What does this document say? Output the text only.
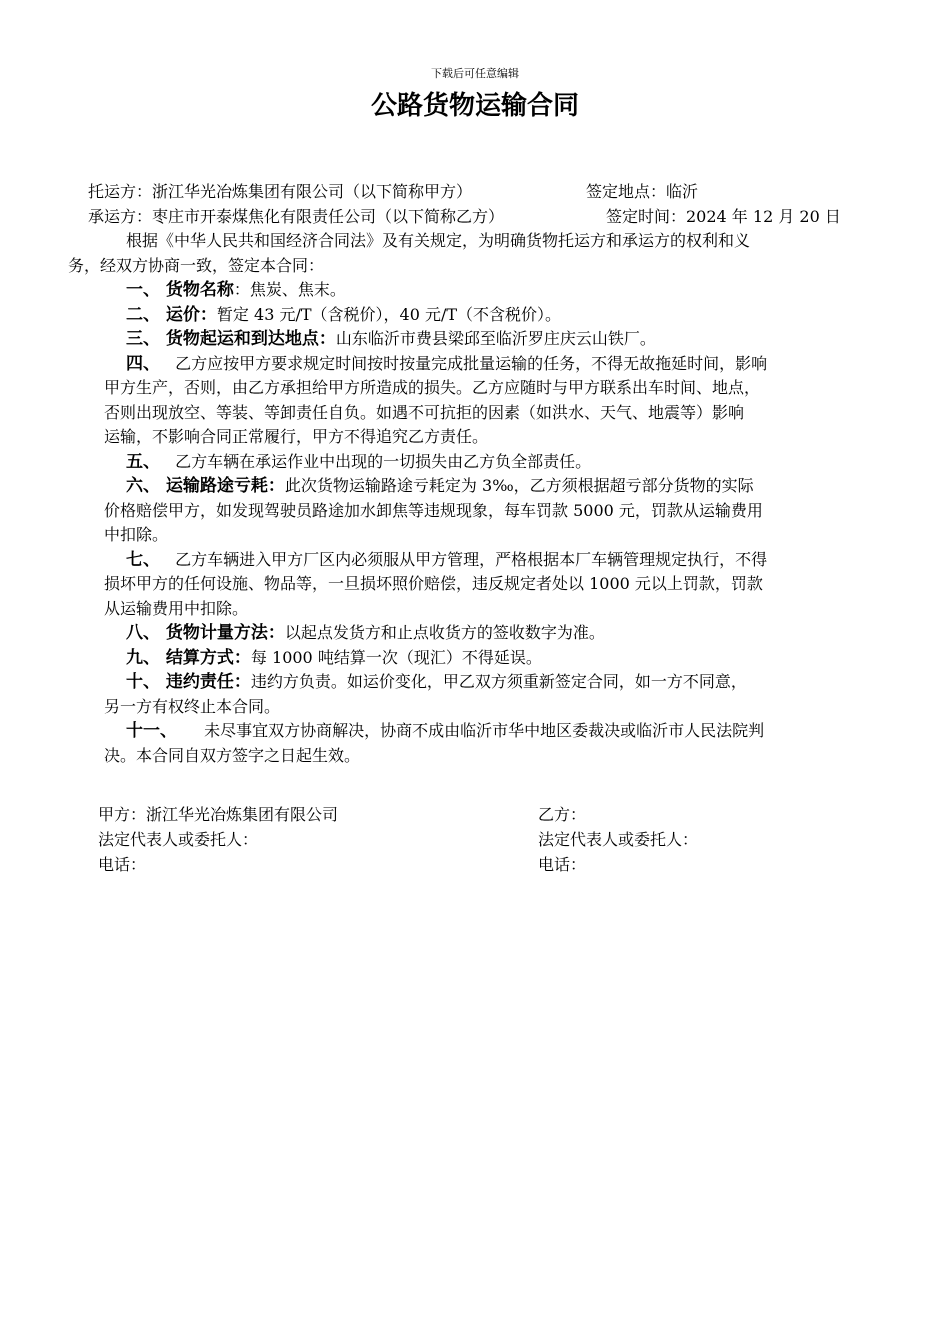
下载后可任意编辑
公路货物运输合同
托运方：浙江华光冶炼集团有限公司（以下简称甲方）	签定地点：临沂
承运方：枣庄市开泰煤焦化有限责任公司（以下简称乙方）	签定时间：2024 年 12 月 20 日
根据《中华人民共和国经济合同法》及有关规定，为明确货物托运方和承运方的权利和义
务，经双方协商一致，签定本合同：
一、 货物名称：焦炭、焦末。
二、 运价：暂定 43 元/T（含税价），40 元/T（不含税价）。
三、 货物起运和到达地点：山东临沂市费县梁邱至临沂罗庄庆云山铁厂。
四、 乙方应按甲方要求规定时间按时按量完成批量运输的任务，不得无故拖延时间，影响
甲方生产，否则，由乙方承担给甲方所造成的损失。乙方应随时与甲方联系出车时间、地点，
否则出现放空、等装、等卸责任自负。如遇不可抗拒的因素（如洪水、天气、地震等）影响
运输，不影响合同正常履行，甲方不得追究乙方责任。
五、 乙方车辆在承运作业中出现的一切损失由乙方负全部责任。
六、 运输路途亏耗：此次货物运输路途亏耗定为 3‰，乙方须根据超亏部分货物的实际
价格赔偿甲方，如发现驾驶员路途加水卸焦等违规现象，每车罚款 5000 元，罚款从运输费用
中扣除。
七、 乙方车辆进入甲方厂区内必须服从甲方管理，严格根据本厂车辆管理规定执行，不得
损坏甲方的任何设施、物品等，一旦损坏照价赔偿，违反规定者处以 1000 元以上罚款，罚款
从运输费用中扣除。
八、 货物计量方法：以起点发货方和止点收货方的签收数字为准。
九、 结算方式：每 1000 吨结算一次（现汇）不得延误。
十、 违约责任：违约方负责。如运价变化，甲乙双方须重新签定合同，如一方不同意，
另一方有权终止本合同。
十一、 未尽事宜双方协商解决，协商不成由临沂市华中地区委裁决或临沂市人民法院判
决。本合同自双方签字之日起生效。
甲方：浙江华光冶炼集团有限公司
法定代表人或委托人：
电话：
乙方：
法定代表人或委托人：
电话：
